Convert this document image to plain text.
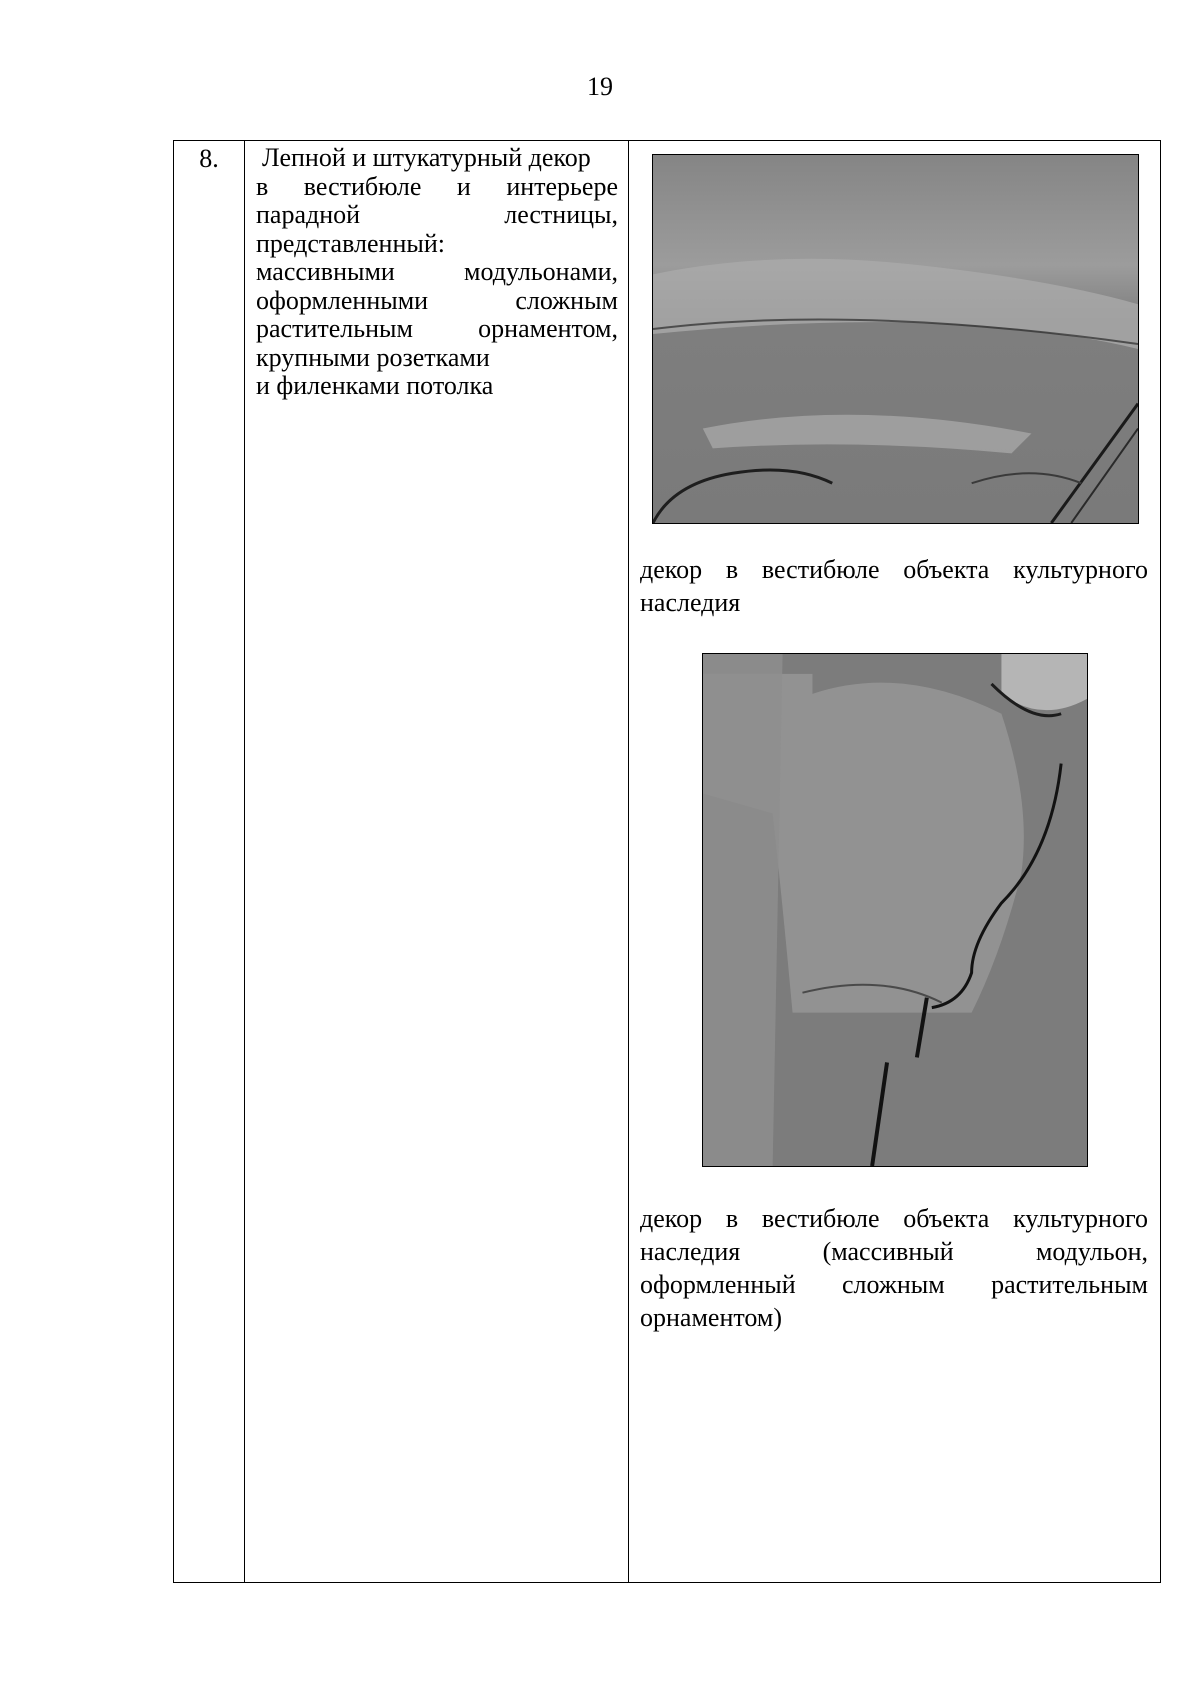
19
8.	Лепной и штукатурный декор

в вестибюле и интерьере парадной лестницы, представленный:

массивными модульонами, оформленными сложным растительным орнаментом, крупными розетками

и филенками потолка

декор в вестибюле объекта культурного наследия
декор в вестибюле объекта культурного наследия (массивный модульон, оформленный сложным растительным орнаментом)
